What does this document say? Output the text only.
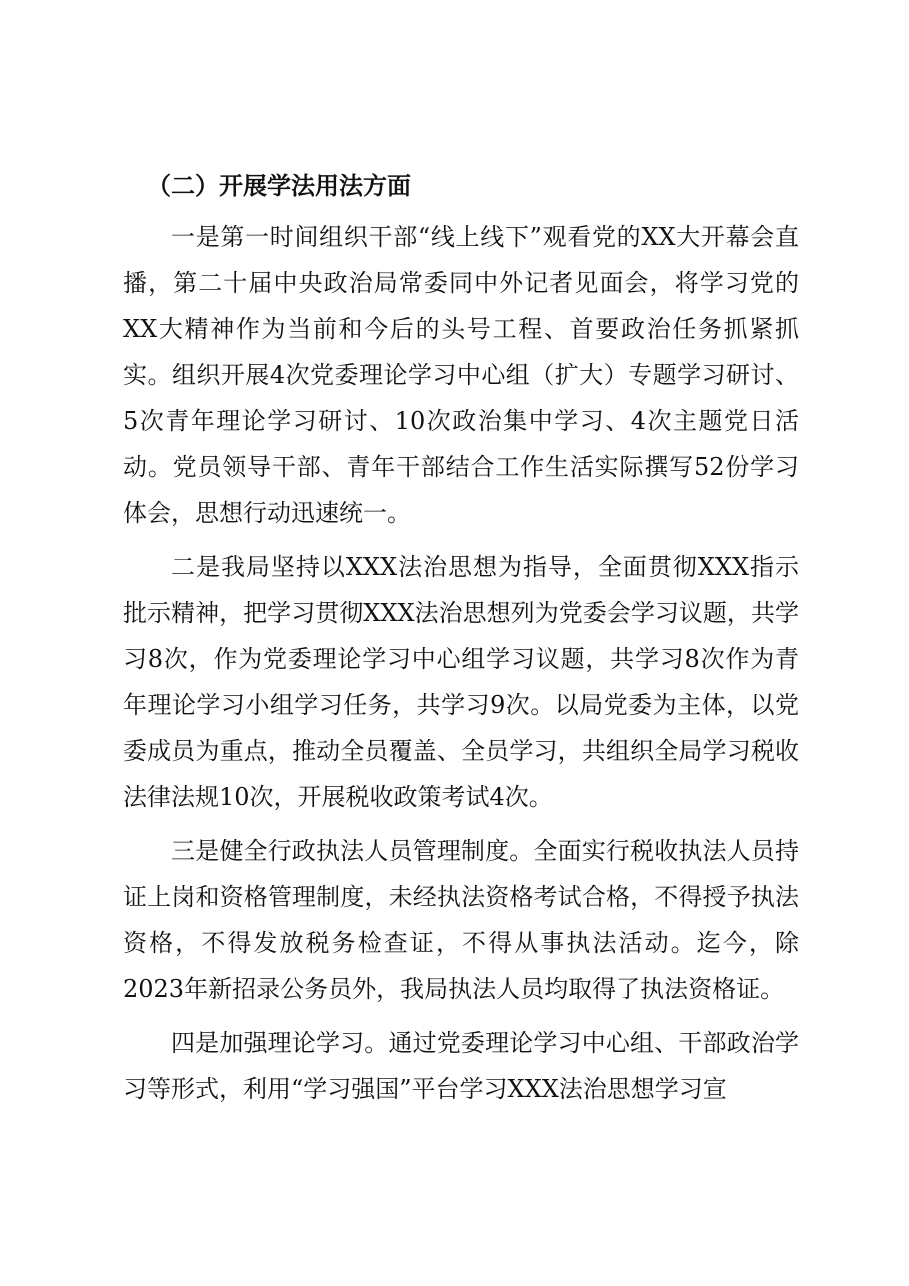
（二）开展学法用法方面

一是第一时间组织干部“线上线下”观看党的XX大开幕会直播，第二十届中央政治局常委同中外记者见面会，将学习党的XX大精神作为当前和今后的头号工程、首要政治任务抓紧抓实。组织开展4次党委理论学习中心组（扩大）专题学习研讨、5次青年理论学习研讨、10次政治集中学习、4次主题党日活动。党员领导干部、青年干部结合工作生活实际撰写52份学习体会，思想行动迅速统一。

二是我局坚持以XXX法治思想为指导，全面贯彻XXX指示批示精神，把学习贯彻XXX法治思想列为党委会学习议题，共学习8次，作为党委理论学习中心组学习议题，共学习8次作为青年理论学习小组学习任务，共学习9次。以局党委为主体，以党委成员为重点，推动全员覆盖、全员学习，共组织全局学习税收法律法规10次，开展税收政策考试4次。

三是健全行政执法人员管理制度。全面实行税收执法人员持证上岗和资格管理制度，未经执法资格考试合格，不得授予执法资格，不得发放税务检查证，不得从事执法活动。迄今，除2023年新招录公务员外，我局执法人员均取得了执法资格证。

四是加强理论学习。通过党委理论学习中心组、干部政治学习等形式，利用“学习强国”平台学习XXX法治思想学习宣
